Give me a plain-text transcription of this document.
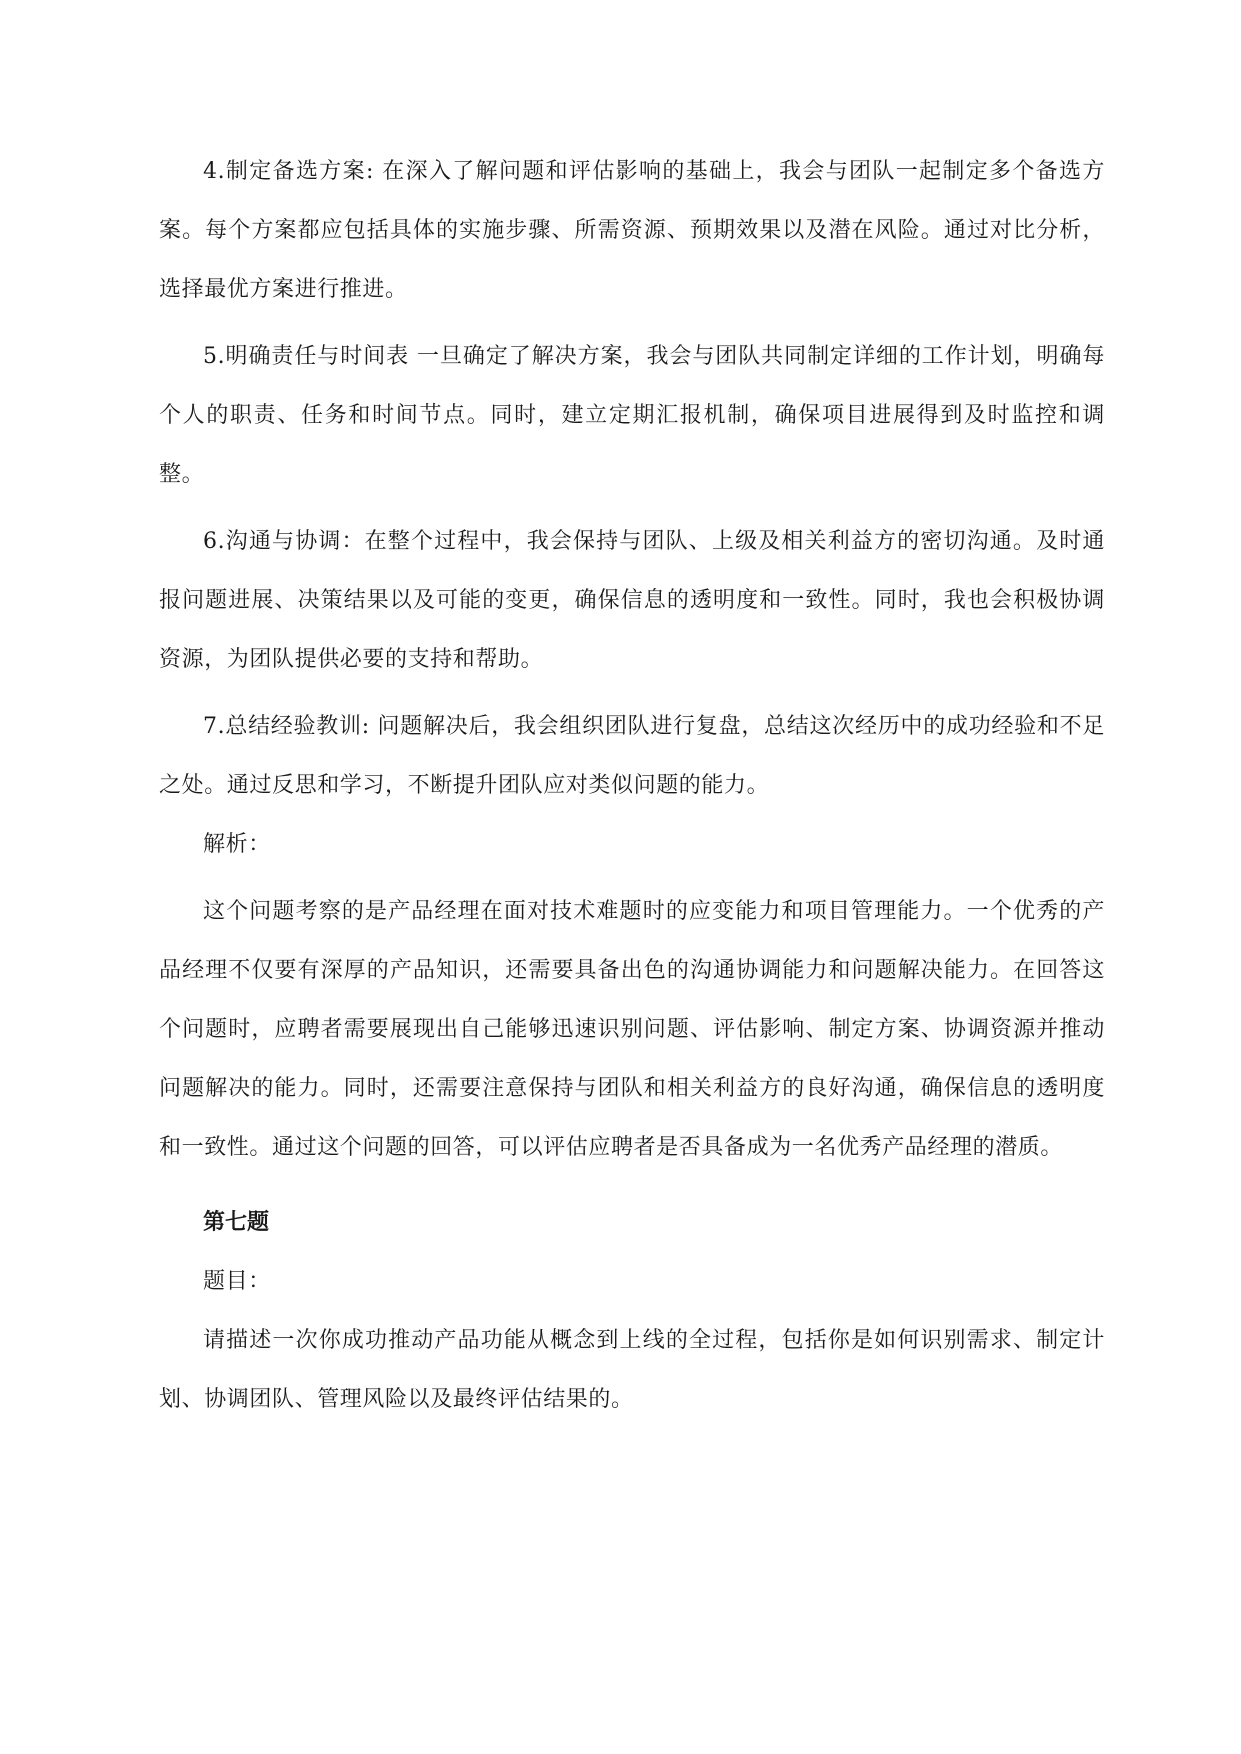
4.制定备选方案: 在深入了解问题和评估影响的基础上，我会与团队一起制定多个备选方案。每个方案都应包括具体的实施步骤、所需资源、预期效果以及潜在风险。通过对比分析，选择最优方案进行推进。

5.明确责任与时间表 一旦确定了解决方案，我会与团队共同制定详细的工作计划，明确每个人的职责、任务和时间节点。同时，建立定期汇报机制，确保项目进展得到及时监控和调整。

6.沟通与协调：在整个过程中，我会保持与团队、上级及相关利益方的密切沟通。及时通报问题进展、决策结果以及可能的变更，确保信息的透明度和一致性。同时，我也会积极协调资源，为团队提供必要的支持和帮助。

7.总结经验教训: 问题解决后，我会组织团队进行复盘，总结这次经历中的成功经验和不足之处。通过反思和学习，不断提升团队应对类似问题的能力。

解析：

这个问题考察的是产品经理在面对技术难题时的应变能力和项目管理能力。一个优秀的产品经理不仅要有深厚的产品知识，还需要具备出色的沟通协调能力和问题解决能力。在回答这个问题时，应聘者需要展现出自己能够迅速识别问题、评估影响、制定方案、协调资源并推动问题解决的能力。同时，还需要注意保持与团队和相关利益方的良好沟通，确保信息的透明度和一致性。通过这个问题的回答，可以评估应聘者是否具备成为一名优秀产品经理的潜质。

第七题

题目：

请描述一次你成功推动产品功能从概念到上线的全过程，包括你是如何识别需求、制定计划、协调团队、管理风险以及最终评估结果的。
